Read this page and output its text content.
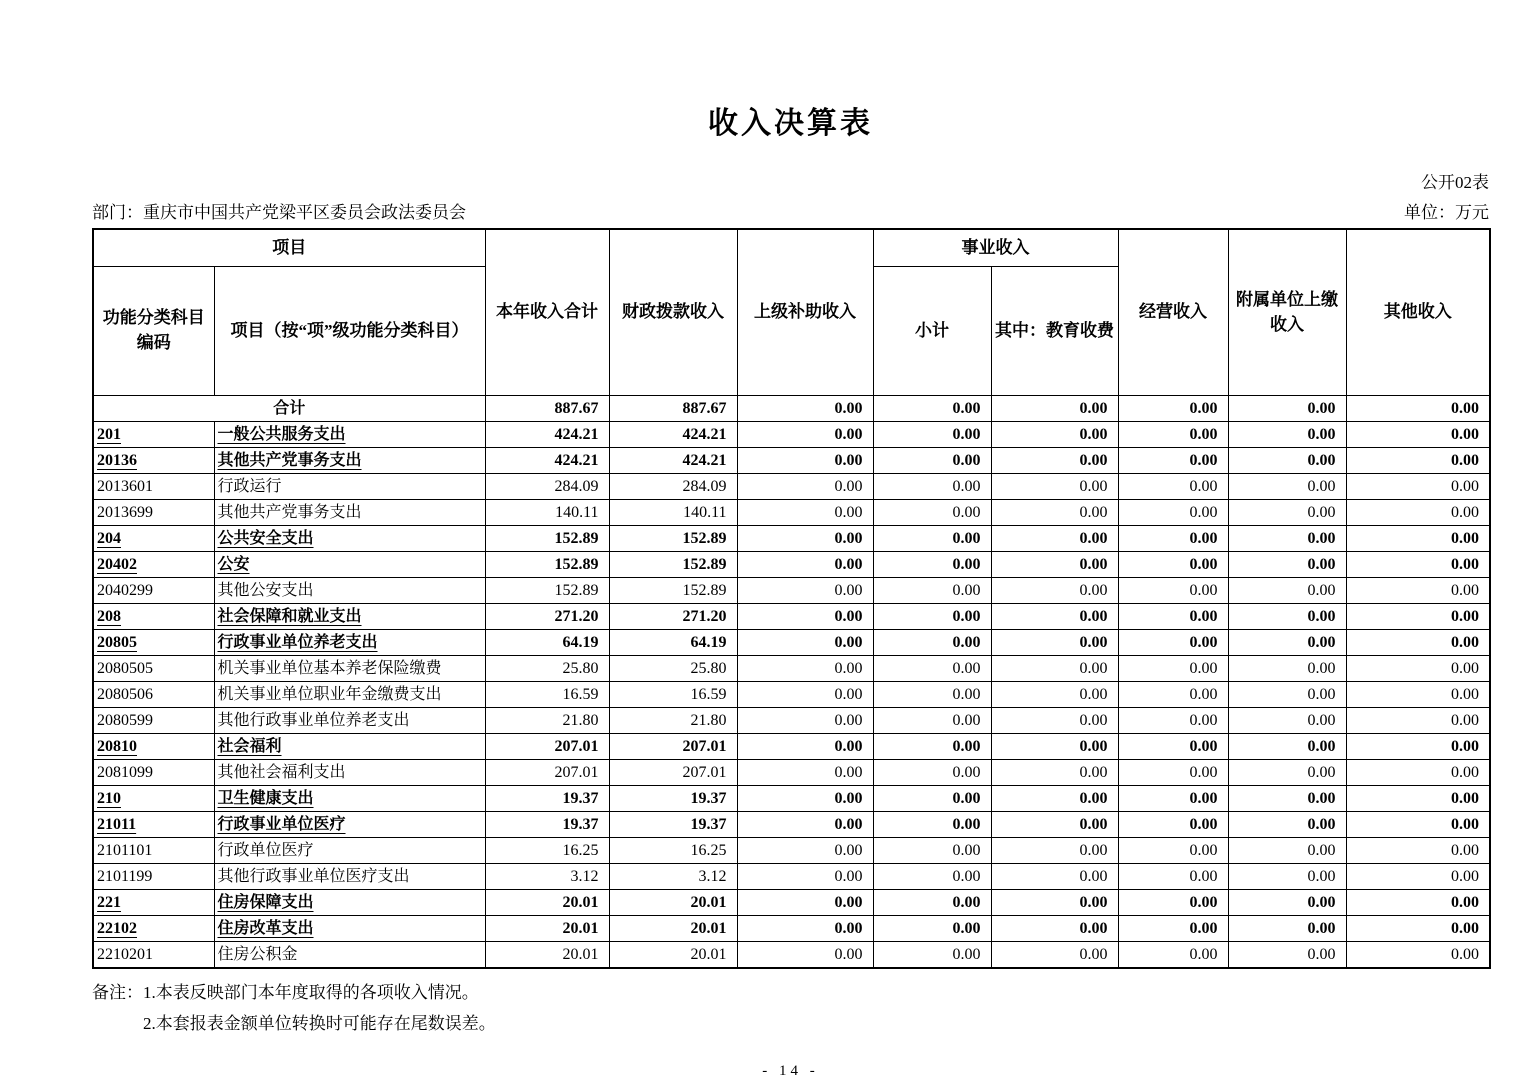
收入决算表
公开02表
部门：重庆市中国共产党梁平区委员会政法委员会	单位：万元
项目		本年收入合计	财政拨款收入	上级补助收入	事业收入		经营收入	附属单位上缴收入	其他收入
功能分类科目编码	项目（按“项”级功能分类科目）				小计	其中：教育收费			
合计		887.67	887.67	0.00	0.00	0.00	0.00	0.00	0.00
201	一般公共服务支出	424.21	424.21	0.00	0.00	0.00	0.00	0.00	0.00
20136	其他共产党事务支出	424.21	424.21	0.00	0.00	0.00	0.00	0.00	0.00
2013601	行政运行	284.09	284.09	0.00	0.00	0.00	0.00	0.00	0.00
2013699	其他共产党事务支出	140.11	140.11	0.00	0.00	0.00	0.00	0.00	0.00
204	公共安全支出	152.89	152.89	0.00	0.00	0.00	0.00	0.00	0.00
20402	公安	152.89	152.89	0.00	0.00	0.00	0.00	0.00	0.00
2040299	其他公安支出	152.89	152.89	0.00	0.00	0.00	0.00	0.00	0.00
208	社会保障和就业支出	271.20	271.20	0.00	0.00	0.00	0.00	0.00	0.00
20805	行政事业单位养老支出	64.19	64.19	0.00	0.00	0.00	0.00	0.00	0.00
2080505	机关事业单位基本养老保险缴费	25.80	25.80	0.00	0.00	0.00	0.00	0.00	0.00
2080506	机关事业单位职业年金缴费支出	16.59	16.59	0.00	0.00	0.00	0.00	0.00	0.00
2080599	其他行政事业单位养老支出	21.80	21.80	0.00	0.00	0.00	0.00	0.00	0.00
20810	社会福利	207.01	207.01	0.00	0.00	0.00	0.00	0.00	0.00
2081099	其他社会福利支出	207.01	207.01	0.00	0.00	0.00	0.00	0.00	0.00
210	卫生健康支出	19.37	19.37	0.00	0.00	0.00	0.00	0.00	0.00
21011	行政事业单位医疗	19.37	19.37	0.00	0.00	0.00	0.00	0.00	0.00
2101101	行政单位医疗	16.25	16.25	0.00	0.00	0.00	0.00	0.00	0.00
2101199	其他行政事业单位医疗支出	3.12	3.12	0.00	0.00	0.00	0.00	0.00	0.00
221	住房保障支出	20.01	20.01	0.00	0.00	0.00	0.00	0.00	0.00
22102	住房改革支出	20.01	20.01	0.00	0.00	0.00	0.00	0.00	0.00
2210201	住房公积金	20.01	20.01	0.00	0.00	0.00	0.00	0.00	0.00
备注：1.本表反映部门本年度取得的各项收入情况。
2.本套报表金额单位转换时可能存在尾数误差。
- 14 -
